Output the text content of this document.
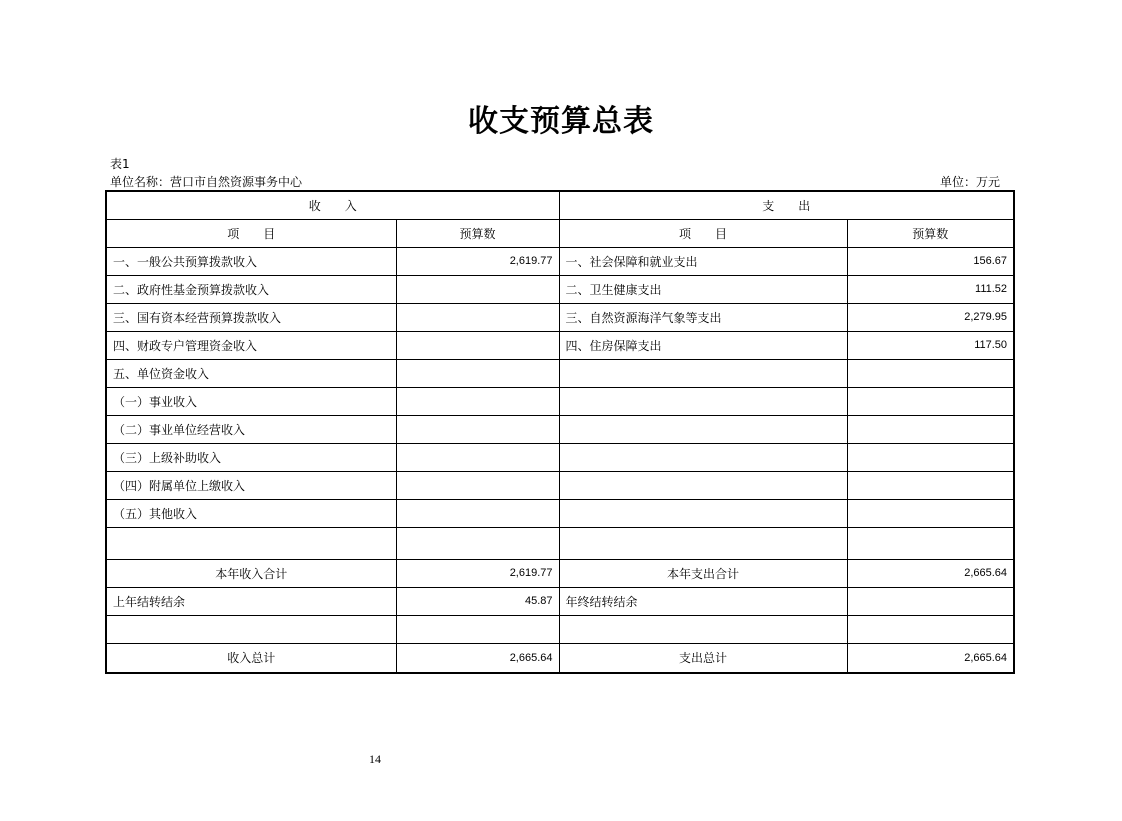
收支预算总表
表1
单位名称：营口市自然资源事务中心	单位：万元
收　　入		支　　出	
项　　目	预算数	项　　目	预算数
一、一般公共预算拨款收入	2,619.77	一、社会保障和就业支出	156.67
二、政府性基金预算拨款收入		二、卫生健康支出	111.52
三、国有资本经营预算拨款收入		三、自然资源海洋气象等支出	2,279.95
四、财政专户管理资金收入		四、住房保障支出	117.50
五、单位资金收入			
（一）事业收入			
（二）事业单位经营收入			
（三）上级补助收入			
（四）附属单位上缴收入			
（五）其他收入			

本年收入合计	2,619.77	本年支出合计	2,665.64
上年结转结余	45.87	年终结转结余	

收入总计	2,665.64	支出总计	2,665.64
14
